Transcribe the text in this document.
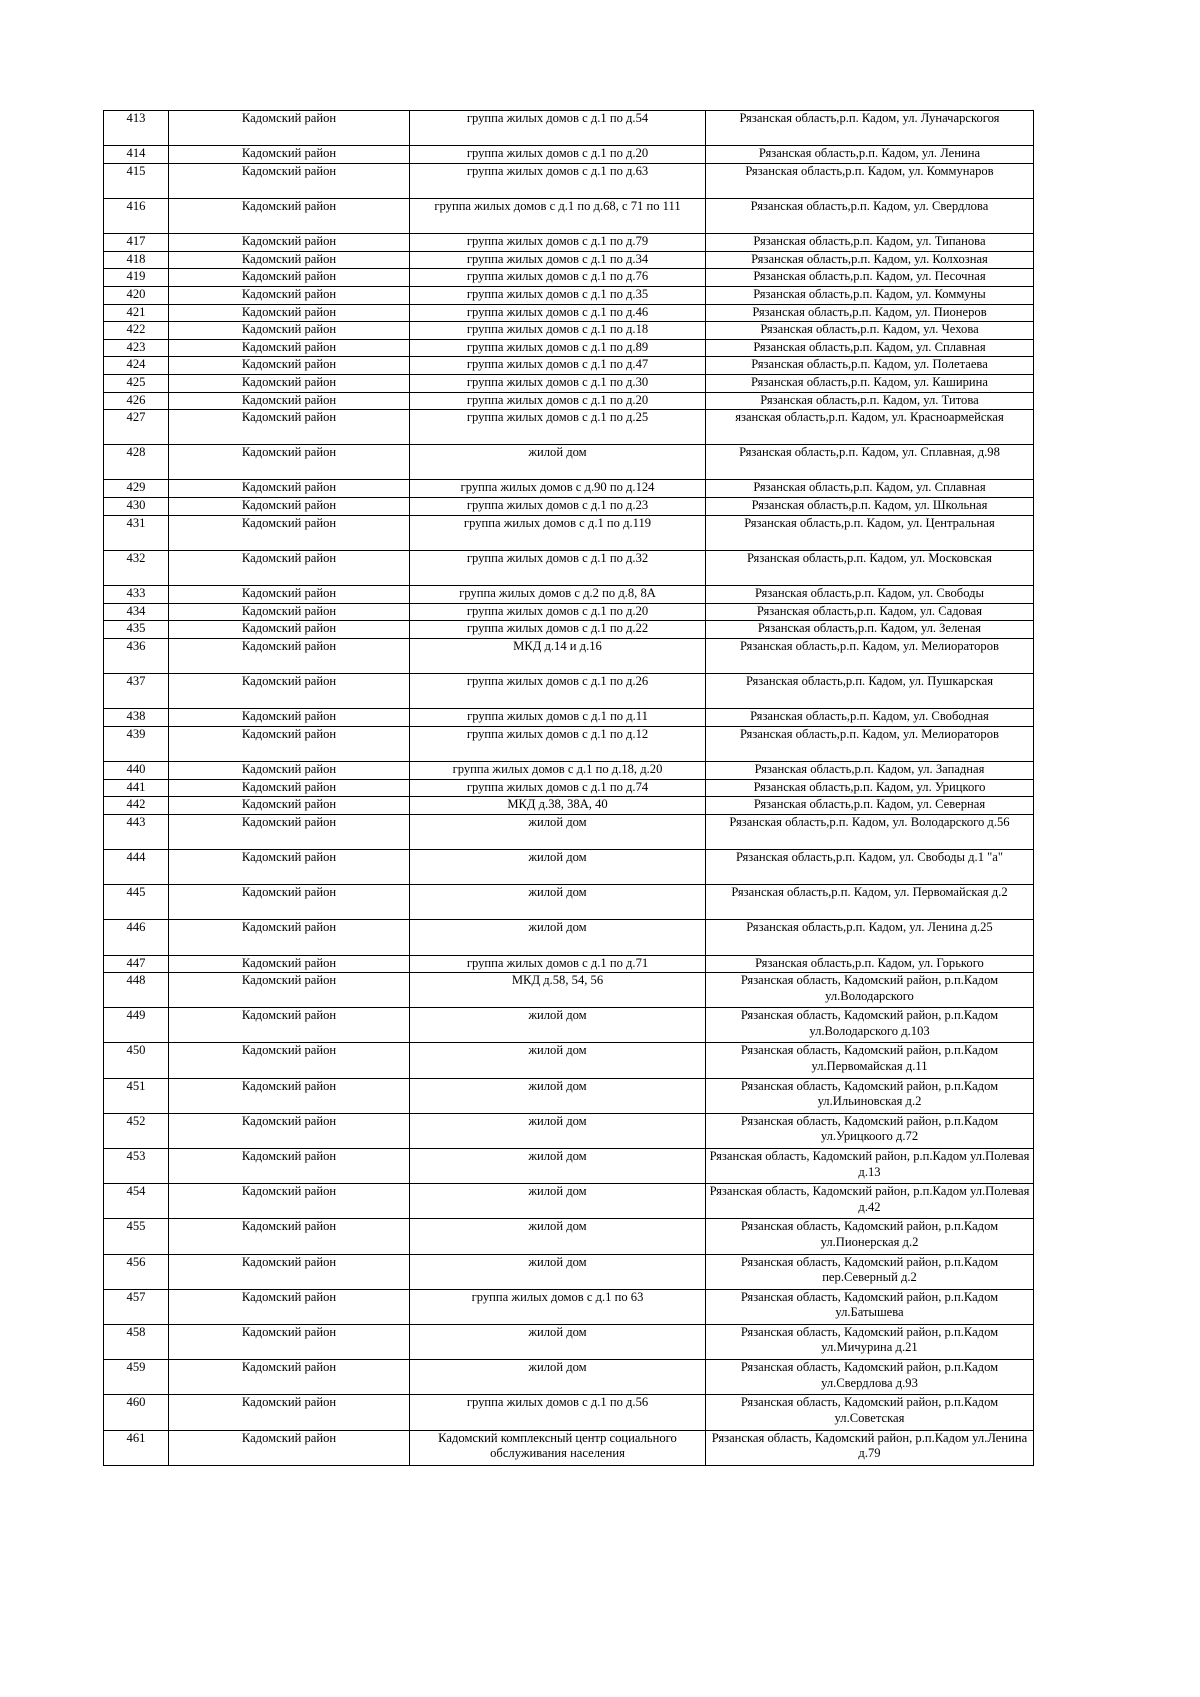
413	Кадомский район	группа жилых домов с д.1 по д.54	Рязанская область,р.п. Кадом, ул. Луначарскогоя
414	Кадомский район	группа жилых домов с д.1 по д.20	Рязанская область,р.п. Кадом, ул. Ленина
415	Кадомский район	группа жилых домов с д.1 по д.63	Рязанская область,р.п. Кадом, ул. Коммунаров
416	Кадомский район	группа жилых домов с д.1 по д.68, с 71 по 111	Рязанская область,р.п. Кадом, ул. Свердлова
417	Кадомский район	группа жилых домов с д.1 по д.79	Рязанская область,р.п. Кадом, ул. Типанова
418	Кадомский район	группа жилых домов с д.1 по д.34	Рязанская область,р.п. Кадом, ул. Колхозная
419	Кадомский район	группа жилых домов с д.1 по д.76	Рязанская область,р.п. Кадом, ул. Песочная
420	Кадомский район	группа жилых домов с д.1 по д.35	Рязанская область,р.п. Кадом, ул. Коммуны
421	Кадомский район	группа жилых домов с д.1 по д.46	Рязанская область,р.п. Кадом, ул. Пионеров
422	Кадомский район	группа жилых домов с д.1 по д.18	Рязанская область,р.п. Кадом, ул. Чехова
423	Кадомский район	группа жилых домов с д.1 по д.89	Рязанская область,р.п. Кадом, ул. Сплавная
424	Кадомский район	группа жилых домов с д.1 по д.47	Рязанская область,р.п. Кадом, ул. Полетаева
425	Кадомский район	группа жилых домов с д.1 по д.30	Рязанская область,р.п. Кадом, ул. Каширина
426	Кадомский район	группа жилых домов с д.1 по д.20	Рязанская область,р.п. Кадом, ул. Титова
427	Кадомский район	группа жилых домов с д.1 по д.25	язанская область,р.п. Кадом, ул. Красноармейская
428	Кадомский район	жилой дом	Рязанская область,р.п. Кадом, ул. Сплавная, д.98
429	Кадомский район	группа жилых домов с д.90 по д.124	Рязанская область,р.п. Кадом, ул. Сплавная
430	Кадомский район	группа жилых домов с д.1 по д.23	Рязанская область,р.п. Кадом, ул. Школьная
431	Кадомский район	группа жилых домов с д.1 по д.119	Рязанская область,р.п. Кадом, ул. Центральная
432	Кадомский район	группа жилых домов с д.1 по д.32	Рязанская область,р.п. Кадом, ул. Московская
433	Кадомский район	группа жилых домов с д.2 по д.8, 8А	Рязанская область,р.п. Кадом, ул. Свободы
434	Кадомский район	группа жилых домов с д.1 по д.20	Рязанская область,р.п. Кадом, ул. Садовая
435	Кадомский район	группа жилых домов с д.1 по д.22	Рязанская область,р.п. Кадом, ул. Зеленая
436	Кадомский район	МКД д.14 и д.16	Рязанская область,р.п. Кадом, ул. Мелиораторов
437	Кадомский район	группа жилых домов с д.1 по д.26	Рязанская область,р.п. Кадом, ул. Пушкарская
438	Кадомский район	группа жилых домов с д.1 по д.11	Рязанская область,р.п. Кадом, ул. Свободная
439	Кадомский район	группа жилых домов с д.1 по д.12	Рязанская область,р.п. Кадом, ул. Мелиораторов
440	Кадомский район	группа жилых домов с д.1 по д.18, д.20	Рязанская область,р.п. Кадом, ул. Западная
441	Кадомский район	группа жилых домов с д.1 по д.74	Рязанская область,р.п. Кадом, ул. Урицкого
442	Кадомский район	МКД д.38, 38А, 40	Рязанская область,р.п. Кадом, ул. Северная
443	Кадомский район	жилой дом	Рязанская область,р.п. Кадом, ул. Володарского д.56
444	Кадомский район	жилой дом	Рязанская область,р.п. Кадом, ул. Свободы д.1 "а"
445	Кадомский район	жилой дом	Рязанская область,р.п. Кадом, ул. Первомайская д.2
446	Кадомский район	жилой дом	Рязанская область,р.п. Кадом, ул. Ленина д.25
447	Кадомский район	группа жилых домов с д.1 по д.71	Рязанская область,р.п. Кадом, ул. Горького
448	Кадомский район	МКД д.58, 54, 56	Рязанская область, Кадомский район, р.п.Кадом ул.Володарского
449	Кадомский район	жилой дом	Рязанская область, Кадомский район, р.п.Кадом ул.Володарского д.103
450	Кадомский район	жилой дом	Рязанская область, Кадомский район, р.п.Кадом ул.Первомайская д.11
451	Кадомский район	жилой дом	Рязанская область, Кадомский район, р.п.Кадом ул.Ильиновская д.2
452	Кадомский район	жилой дом	Рязанская область, Кадомский район, р.п.Кадом ул.Урицкоого д.72
453	Кадомский район	жилой дом	Рязанская область, Кадомский район, р.п.Кадом ул.Полевая д.13
454	Кадомский район	жилой дом	Рязанская область, Кадомский район, р.п.Кадом ул.Полевая д.42
455	Кадомский район	жилой дом	Рязанская область, Кадомский район, р.п.Кадом ул.Пионерская д.2
456	Кадомский район	жилой дом	Рязанская область, Кадомский район, р.п.Кадом пер.Северный д.2
457	Кадомский район	группа жилых домов с д.1 по 63	Рязанская область, Кадомский район, р.п.Кадом ул.Батышева
458	Кадомский район	жилой дом	Рязанская область, Кадомский район, р.п.Кадом ул.Мичурина д.21
459	Кадомский район	жилой дом	Рязанская область, Кадомский район, р.п.Кадом ул.Свердлова д.93
460	Кадомский район	группа жилых домов с д.1 по д.56	Рязанская область, Кадомский район, р.п.Кадом ул.Советская
461	Кадомский район	Кадомский комплексный центр социального обслуживания населения	Рязанская область, Кадомский район, р.п.Кадом ул.Ленина д.79
